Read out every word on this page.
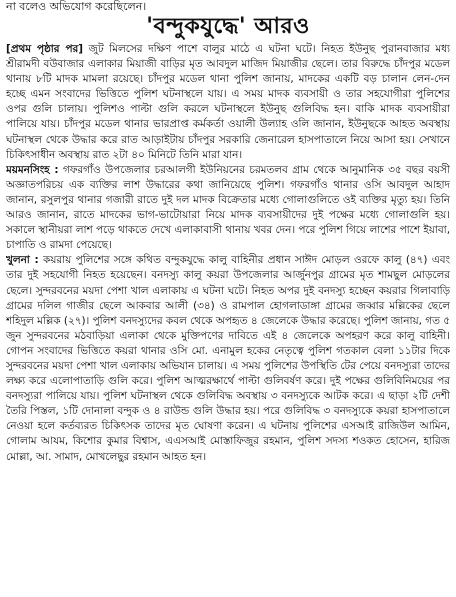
না বলেও অভিযোগ করেছিলেন।
'বন্দুকযুদ্ধে' আরও

[প্রথম পৃষ্ঠার পর] জুট মিলসের দক্ষিণ পাশে বালুর মাঠে এ ঘটনা ঘটে। নিহত ইউনুছ পুরানবাজার মধ্য শ্রীরামদী বউবাজার এলাকার মিয়াজী বাড়ির মৃত আবদুল মাজিদ মিয়াজীর ছেলে। তার বিরুদ্ধে চাঁদপুর মডেল থানায় ৮টি মাদক মামলা রয়েছে। চাঁদপুর মডেল থানা পুলিশ জানায়, মাদকের একটি বড় চালান লেন-দেন হচ্ছে এমন সংবাদের ভিত্তিতে পুলিশ ঘটনাস্থলে যায়। এ সময় মাদক ব্যবসায়ী ও তার সহযোগীরা পুলিশের ওপর গুলি চালায়। পুলিশও পাল্টা গুলি করলে ঘটনাস্থলে ইউনুছ গুলিবিদ্ধ হন। বাকি মাদক ব্যবসায়ীরা পালিয়ে যায়। চাঁদপুর মডেল থানার ভারপ্রাপ্ত কর্মকর্তা ওয়ালী উল্যাহ ওলি জানান, ইউনুছকে আহত অবস্থায় ঘটনাস্থল থেকে উদ্ধার করে রাত আড়াইটায় চাঁদপুর সরকারি জেনারেল হাসপাতালে নিয়ে আসা হয়। সেখানে চিকিৎসাধীন অবস্থায় রাত ২টা ৪০ মিনিটে তিনি মারা যান।

ময়মনসিংহ : গফরগাঁও উপজেলার চরআলগী ইউনিয়নের চরমতলব গ্রাম থেকে আনুমানিক ৩৫ বছর বয়সী অজ্ঞাতপরিচয় এক ব্যক্তির লাশ উদ্ধারের কথা জানিয়েছে পুলিশ। গফরগাঁও থানার ওসি আবদুল আহাদ জানান, রসুলপুর থানার গজারী রাতে দুই দল মাদক বিক্রেতার মধ্যে গোলাগুলিতে ওই ব্যক্তির মৃত্যু হয়। তিনি আরও জানান, রাতে মাদকের ভাগ-ভাটোয়ারা নিয়ে মাদক ব্যবসায়ীদের দুই পক্ষের মধ্যে গোলাগুলি হয়। সকালে স্থানীয়রা লাশ পড়ে থাকতে দেখে এলাকাবাসী থানায় খবর দেন। পরে পুলিশ গিয়ে লাশের পাশে ইয়াবা, চাপাতি ও রামদা পেয়েছে।

খুলনা : কয়রায় পুলিশের সঙ্গে কথিত বন্দুকযুদ্ধে কালু বাহিনীর প্রধান সাঈদ মোড়ল ওরফে কালু (৪৭) এবং তার দুই সহযোগী নিহত হয়েছেন। বনদস্যু কালু কয়রা উপজেলার আর্জুনপুর গ্রামের মৃত শামছুল মোড়লের ছেলে। সুন্দরবনের ময়দা পেশা খাল এলাকায় এ ঘটনা ঘটে। নিহত অপর দুই বনদস্যু হচ্ছেন কয়রার গিলাবাড়ি গ্রামের দলিল গাজীর ছেলে আকবার আলী (৩৪) ও রামপাল হোগলাডাঙ্গা গ্রামের জব্বার মল্লিকের ছেলে শহিদুল মল্লিক (২৭)। পুলিশ বনদস্যুদের কবল থেকে অপহৃত ৪ জেলেকে উদ্ধার করেছে। পুলিশ জানায়, গত ৫ জুন সুন্দরবনের মঠবাড়িয়া এলাকা থেকে মুক্তিপণের দাবিতে এই ৪ জেলেকে অপহরণ করে কালু বাহিনী। গোপন সংবাদের ভিত্তিতে কয়রা থানার ওসি মো. এনামুল হকের নেতৃত্বে পুলিশ গতকাল বেলা ১১টার দিকে সুন্দরবনের ময়দা পেশা খাল এলাকায় অভিযান চালায়। এ সময় পুলিশের উপস্থিতি টের পেয়ে বনদস্যুরা তাদের লক্ষ্য করে এলোপাতাড়ি গুলি করে। পুলিশ আত্মরক্ষার্থে পাল্টা গুলিবর্ষণ করে। দুই পক্ষের গুলিবিনিময়ের পর বনদস্যুরা পালিয়ে যায়। পুলিশ ঘটনাস্থল থেকে গুলিবিদ্ধ অবস্থায় ৩ বনদস্যুকে আটক করে। এ ছাড়া ২টি দেশী তৈরি পিস্তল, ১টি দোনালা বন্দুক ও ৪ রাউন্ড গুলি উদ্ধার হয়। পরে গুলিবিদ্ধ ৩ বনদস্যুকে কয়রা হাসপাতালে নেওয়া হলে কর্তব্যরত চিকিৎসক তাদের মৃত ঘোষণা করেন। এ ঘটনায় পুলিশের এসআই রাজিউল আমিন, গোলাম আযম, কিশোর কুমার বিশ্বাস, এএসআই মোস্তাফিজুর রহমান, পুলিশ সদস্য শওকত হোসেন, হারিজ মোল্লা, আ. সামাদ, মোখলেছুর রহমান আহত হন।
